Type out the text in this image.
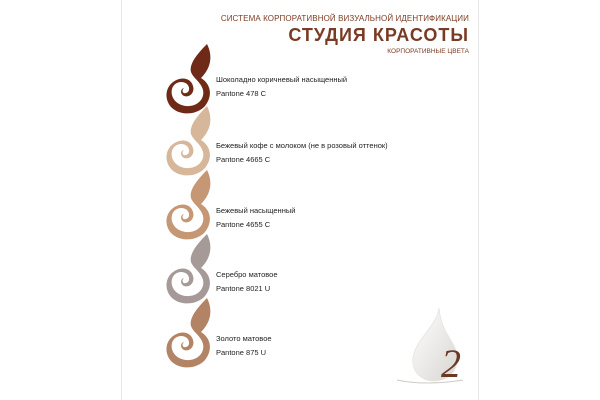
СИСТЕМА КОРПОРАТИВНОЙ ВИЗУАЛЬНОЙ ИДЕНТИФИКАЦИИ
СТУДИЯ КРАСОТЫ
КОРПОРАТИВНЫЕ ЦВЕТА
Шоколадно коричневый насыщенный
Pantone 478 C
Бежевый кофе с молоком (не в розовый оттенок)
Pantone 4665 C
Бежевый насыщенный
Pantone 4655 C
Серебро матовое
Pantone 8021 U
Золото матовое
Pantone 875 U	2
